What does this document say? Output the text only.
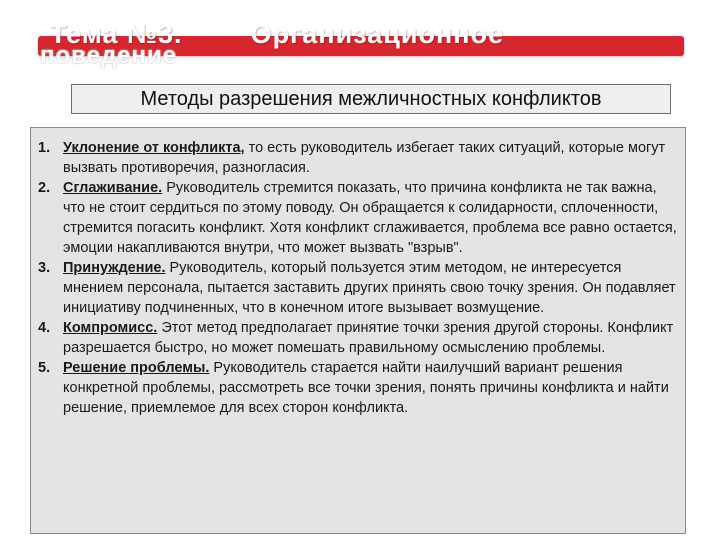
Тема №3.	Организационное
поведение
Методы разрешения межличностных конфликтов
1. Уклонение от конфликта, то есть руководитель избегает таких ситуаций, которые могут вызвать противоречия, разногласия.
2. Сглаживание. Руководитель стремится показать, что причина конфликта не так важна, что не стоит сердиться по этому поводу. Он обращается к солидарности, сплоченности, стремится погасить конфликт. Хотя конфликт сглаживается, проблема все равно остается, эмоции накапливаются внутри, что может вызвать "взрыв".
3. Принуждение. Руководитель, который пользуется этим методом, не интересуется мнением персонала, пытается заставить других принять свою точку зрения. Он подавляет инициативу подчиненных, что в конечном итоге вызывает возмущение.
4. Компромисс. Этот метод предполагает принятие точки зрения другой стороны. Конфликт разрешается быстро, но может помешать правильному осмыслению проблемы.
5. Решение проблемы. Руководитель старается найти наилучший вариант решения конкретной проблемы, рассмотреть все точки зрения, понять причины конфликта и найти решение, приемлемое для всех сторон конфликта.
